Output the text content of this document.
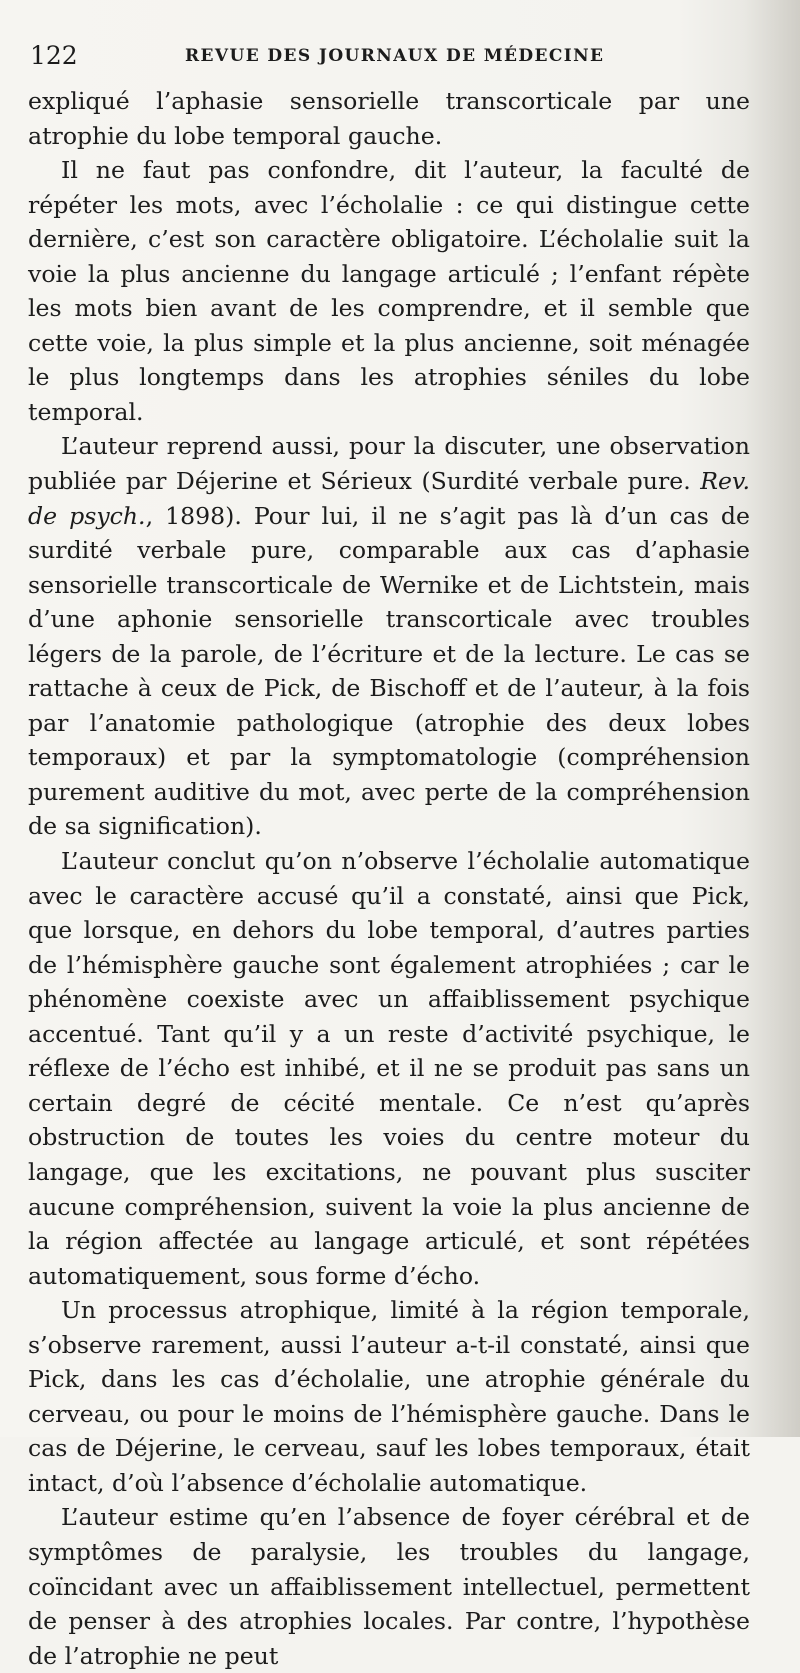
122	REVUE DES JOURNAUX DE MÉDECINE

expliqué l’aphasie sensorielle transcorticale par une atrophie du lobe temporal gauche.

Il ne faut pas confondre, dit l’auteur, la faculté de répéter les mots, avec l’écholalie : ce qui distingue cette dernière, c’est son caractère obligatoire. L’écholalie suit la voie la plus ancienne du langage articulé ; l’enfant répète les mots bien avant de les comprendre, et il semble que cette voie, la plus simple et la plus ancienne, soit ménagée le plus longtemps dans les atrophies séniles du lobe temporal.

L’auteur reprend aussi, pour la discuter, une observation publiée par Déjerine et Sérieux (Surdité verbale pure. Rev. de psych., 1898). Pour lui, il ne s’agit pas là d’un cas de surdité verbale pure, comparable aux cas d’aphasie sensorielle transcorticale de Wernike et de Lichtstein, mais d’une aphonie sensorielle transcorticale avec troubles légers de la parole, de l’écriture et de la lecture. Le cas se rattache à ceux de Pick, de Bischoff et de l’auteur, à la fois par l’anatomie pathologique (atrophie des deux lobes temporaux) et par la symptomatologie (compréhension purement auditive du mot, avec perte de la compréhension de sa signification).

L’auteur conclut qu’on n’observe l’écholalie automatique avec le caractère accusé qu’il a constaté, ainsi que Pick, que lorsque, en dehors du lobe temporal, d’autres parties de l’hémisphère gauche sont également atrophiées ; car le phénomène coexiste avec un affaiblissement psychique accentué. Tant qu’il y a un reste d’activité psychique, le réflexe de l’écho est inhibé, et il ne se produit pas sans un certain degré de cécité mentale. Ce n’est qu’après obstruction de toutes les voies du centre moteur du langage, que les excitations, ne pouvant plus susciter aucune compréhension, suivent la voie la plus ancienne de la région affectée au langage articulé, et sont répétées automatiquement, sous forme d’écho.

Un processus atrophique, limité à la région temporale, s’observe rarement, aussi l’auteur a-t-il constaté, ainsi que Pick, dans les cas d’écholalie, une atrophie générale du cerveau, ou pour le moins de l’hémisphère gauche. Dans le cas de Déjerine, le cerveau, sauf les lobes temporaux, était intact, d’où l’absence d’écholalie automatique.

L’auteur estime qu’en l’absence de foyer cérébral et de symptômes de paralysie, les troubles du langage, coïncidant avec un affaiblissement intellectuel, permettent de penser à des atrophies locales. Par contre, l’hypothèse de l’atrophie ne peut
